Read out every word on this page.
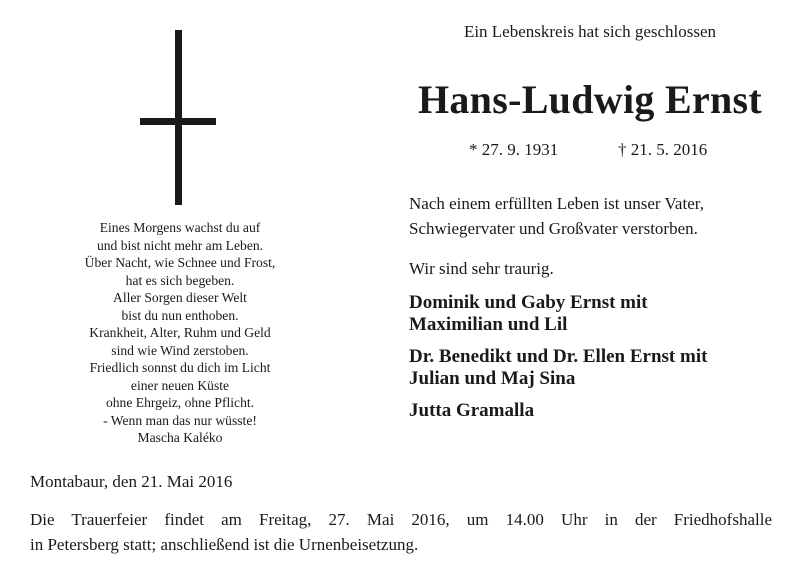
Eines Morgens wachst du auf
und bist nicht mehr am Leben.
Über Nacht, wie Schnee und Frost,
hat es sich begeben.
Aller Sorgen dieser Welt
bist du nun enthoben.
Krankheit, Alter, Ruhm und Geld
sind wie Wind zerstoben.
Friedlich sonnst du dich im Licht
einer neuen Küste
ohne Ehrgeiz, ohne Pflicht.
- Wenn man das nur wüsste!
Mascha Kaléko
Ein Lebenskreis hat sich geschlossen
Hans-Ludwig Ernst
* 27. 9. 1931	† 21. 5. 2016
Nach einem erfüllten Leben ist unser Vater,
Schwiegervater und Großvater verstorben.
Wir sind sehr traurig.
Dominik und Gaby Ernst mit
Maximilian und Lil
Dr. Benedikt und Dr. Ellen Ernst mit
Julian und Maj Sina
Jutta Gramalla
Montabaur, den 21. Mai 2016
Die Trauerfeier findet am Freitag, 27. Mai 2016, um 14.00 Uhr in der Friedhofshalle
in Petersberg statt; anschließend ist die Urnenbeisetzung.
